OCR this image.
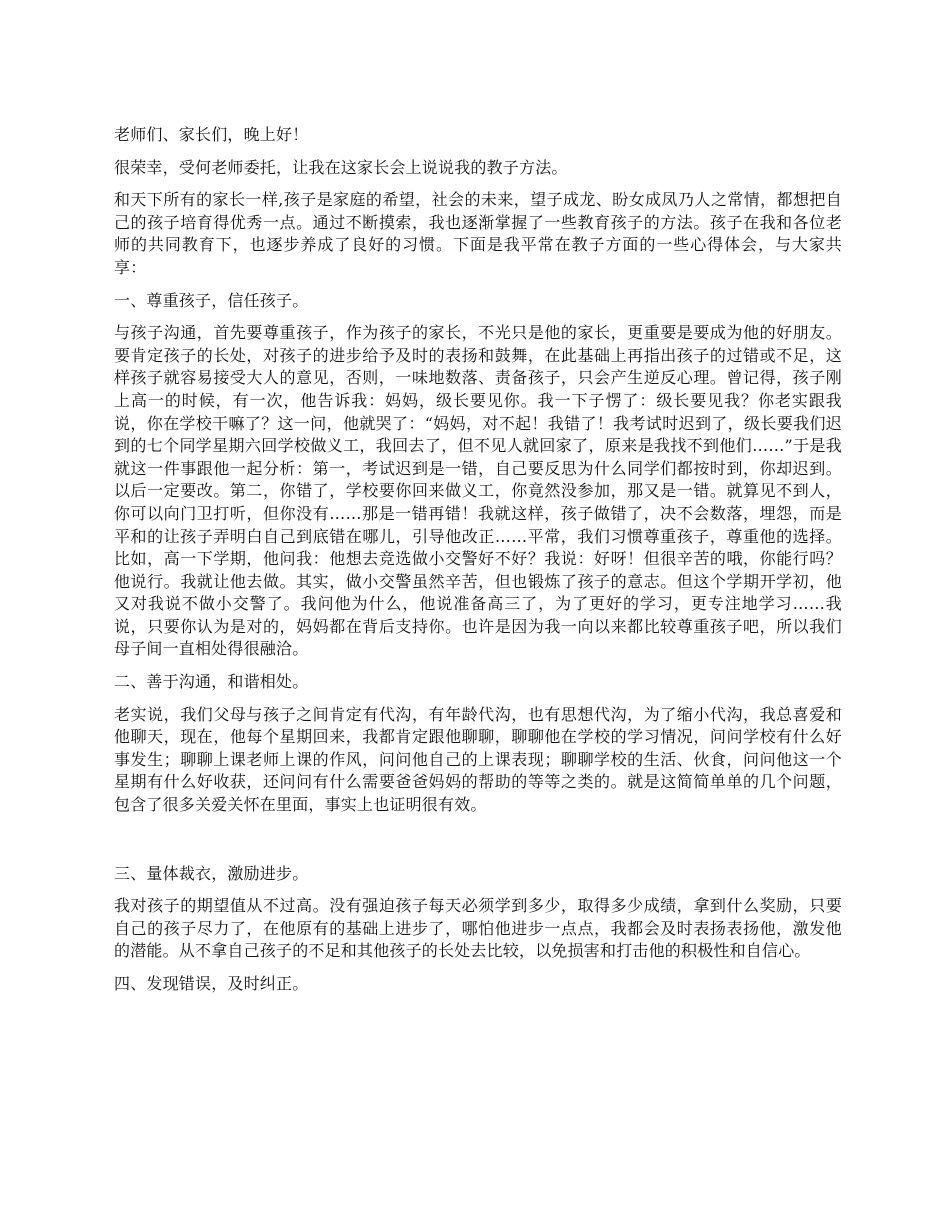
老师们、家长们，晚上好！

很荣幸，受何老师委托，让我在这家长会上说说我的教子方法。

和天下所有的家长一样,孩子是家庭的希望，社会的未来，望子成龙、盼女成凤乃人之常情，都想把自己的孩子培育得优秀一点。通过不断摸索，我也逐渐掌握了一些教育孩子的方法。孩子在我和各位老师的共同教育下，也逐步养成了良好的习惯。下面是我平常在教子方面的一些心得体会，与大家共享：

一、尊重孩子，信任孩子。

与孩子沟通，首先要尊重孩子，作为孩子的家长，不光只是他的家长，更重要是要成为他的好朋友。要肯定孩子的长处，对孩子的进步给予及时的表扬和鼓舞，在此基础上再指出孩子的过错或不足，这样孩子就容易接受大人的意见，否则，一味地数落、责备孩子，只会产生逆反心理。曾记得，孩子刚上高一的时候，有一次，他告诉我：妈妈，级长要见你。我一下子愣了：级长要见我？你老实跟我说，你在学校干嘛了？这一问，他就哭了：“妈妈，对不起！我错了！我考试时迟到了，级长要我们迟到的七个同学星期六回学校做义工，我回去了，但不见人就回家了，原来是我找不到他们……”于是我就这一件事跟他一起分析：第一，考试迟到是一错，自己要反思为什么同学们都按时到，你却迟到。以后一定要改。第二，你错了，学校要你回来做义工，你竟然没参加，那又是一错。就算见不到人，你可以向门卫打听，但你没有……那是一错再错！我就这样，孩子做错了，决不会数落，埋怨，而是平和的让孩子弄明白自己到底错在哪儿，引导他改正……平常，我们习惯尊重孩子，尊重他的选择。比如，高一下学期，他问我：他想去竞选做小交警好不好？我说：好呀！但很辛苦的哦，你能行吗？他说行。我就让他去做。其实，做小交警虽然辛苦，但也锻炼了孩子的意志。但这个学期开学初，他又对我说不做小交警了。我问他为什么，他说准备高三了，为了更好的学习，更专注地学习……我说，只要你认为是对的，妈妈都在背后支持你。也许是因为我一向以来都比较尊重孩子吧，所以我们母子间一直相处得很融洽。

二、善于沟通，和谐相处。

老实说，我们父母与孩子之间肯定有代沟，有年龄代沟，也有思想代沟，为了缩小代沟，我总喜爱和他聊天，现在，他每个星期回来，我都肯定跟他聊聊，聊聊他在学校的学习情况，问问学校有什么好事发生；聊聊上课老师上课的作风，问问他自己的上课表现；聊聊学校的生活、伙食，问问他这一个星期有什么好收获，还问问有什么需要爸爸妈妈的帮助的等等之类的。就是这简简单单的几个问题，包含了很多关爱关怀在里面，事实上也证明很有效。

三、量体裁衣，激励进步。

我对孩子的期望值从不过高。没有强迫孩子每天必须学到多少，取得多少成绩，拿到什么奖励，只要自己的孩子尽力了，在他原有的基础上进步了，哪怕他进步一点点，我都会及时表扬表扬他，激发他的潜能。从不拿自己孩子的不足和其他孩子的长处去比较，以免损害和打击他的积极性和自信心。

四、发现错误，及时纠正。
